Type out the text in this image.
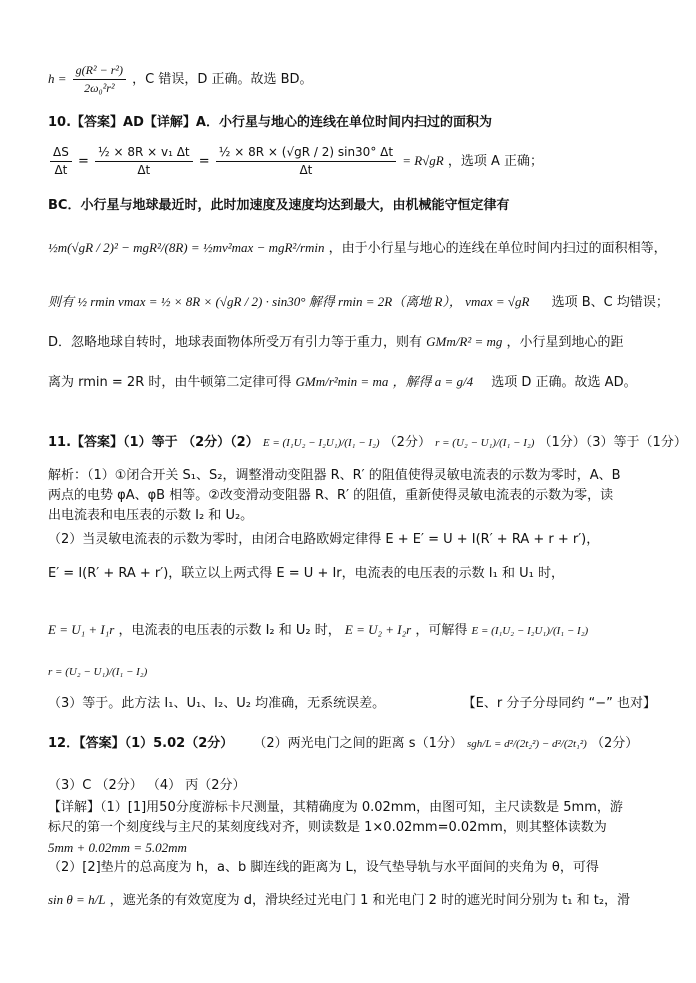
$h = \frac{\text{g(R² − r²)}}{\text{2ω₀²r²}}$ ，C 错误，D 正确。故选 BD。
10.【答案】AD【详解】A．小行星与地心的连线在单位时间内扫过的面积为
$\frac{\Delta S}{\Delta t} = \frac{\text{½ × 8R × v₁ Δt}}{\Delta t} = \frac{\text{½ × 8R × (√gR / 2) sin30° Δt}}{\Delta t} = R√gR$ ，选项 A 正确；
BC．小行星与地球最近时，此时加速度及速度均达到最大，由机械能守恒定律有
½m(√gR / 2)² − mgR²/(8R) = ½mv²max − mgR²/rmin ，由于小行星与地心的连线在单位时间内扫过的面积相等，
则有 ½ rmin vmax = ½ × 8R × (√gR / 2) · sin30° 解得 rmin = 2R（离地 R）， vmax = √gR 选项 B、C 均错误；
D．忽略地球自转时，地球表面物体所受万有引力等于重力，则有 GMm/R² = mg ，小行星到地心的距
离为 rmin = 2R 时，由牛顿第二定律可得 GMm/r²min = ma ，解得 a = g/4 选项 D 正确。故选 AD。
11.【答案】（1）等于 （2分）（2） E = (I₁U₂ − I₂U₁)/(I₁ − I₂) （2分） r = (U₂ − U₁)/(I₁ − I₂) （1分）（3）等于（1分）
解析：（1）①闭合开关 S₁、S₂，调整滑动变阻器 R、R′ 的阻值使得灵敏电流表的示数为零时，A、B
两点的电势 φA、φB 相等。②改变滑动变阻器 R、R′ 的阻值，重新使得灵敏电流表的示数为零，读
出电流表和电压表的示数 I₂ 和 U₂。
（2）当灵敏电流表的示数为零时，由闭合电路欧姆定律得 E + E′ = U + I(R′ + RA + r + r′)，
E′ = I(R′ + RA + r′)，联立以上两式得 E = U + Ir，电流表的电压表的示数 I₁ 和 U₁ 时，
E = U₁ + I₁r ，电流表的电压表的示数 I₂ 和 U₂ 时， E = U₂ + I₂r ，可解得 E = (I₁U₂ − I₂U₁)/(I₁ − I₂)
r = (U₂ − U₁)/(I₁ − I₂)
（3）等于。此方法 I₁、U₁、I₂、U₂ 均准确，无系统误差。	【E、r 分子分母同约 “−” 也对】
12．【答案】（1）5.02（2分） （2）两光电门之间的距离 s（1分） sgh/L = d²/(2t₂²) − d²/(2t₁²) （2分）
（3）C （2分） （4） 丙（2分）
【详解】（1）[1]用50分度游标卡尺测量，其精确度为 0.02mm，由图可知，主尺读数是 5mm，游
标尺的第一个刻度线与主尺的某刻度线对齐，则读数是 1×0.02mm=0.02mm，则其整体读数为
5mm + 0.02mm = 5.02mm
（2）[2]垫片的总高度为 h，a、b 脚连线的距离为 L，设气垫导轨与水平面间的夹角为 θ，可得
sin θ = h/L ，遮光条的有效宽度为 d，滑块经过光电门 1 和光电门 2 时的遮光时间分别为 t₁ 和 t₂，滑
